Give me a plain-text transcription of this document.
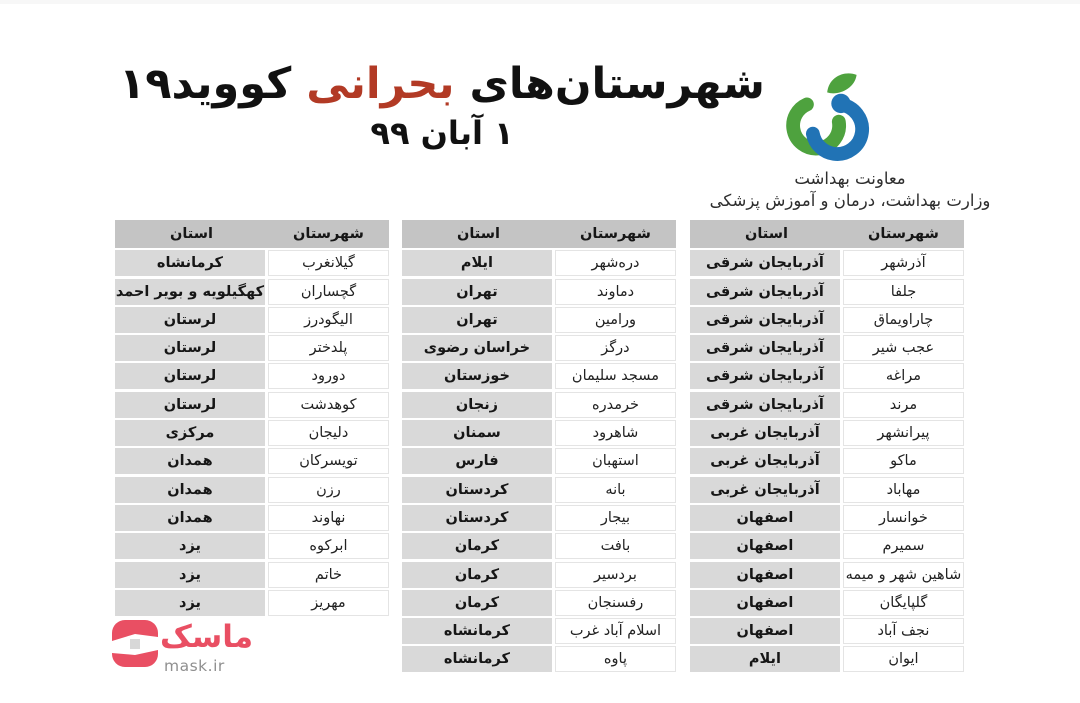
شهرستان‌های بحرانی کووید۱۹
۱ آبان ۹۹
معاونت بهداشت
وزارت بهداشت، درمان و آموزش پزشکی
شهرستان
استان
آذرشهر
آذربایجان شرقی
جلفا
آذربایجان شرقی
چاراویماق
آذربایجان شرقی
عجب شیر
آذربایجان شرقی
مراغه
آذربایجان شرقی
مرند
آذربایجان شرقی
پیرانشهر
آذربایجان غربی
ماکو
آذربایجان غربی
مهاباد
آذربایجان غربی
خوانسار
اصفهان
سمیرم
اصفهان
شاهین شهر و میمه
اصفهان
گلپایگان
اصفهان
نجف آباد
اصفهان
ایوان
ایلام
شهرستان
استان
دره‌شهر
ایلام
دماوند
تهران
ورامین
تهران
درگز
خراسان رضوی
مسجد سلیمان
خوزستان
خرمدره
زنجان
شاهرود
سمنان
استهبان
فارس
بانه
کردستان
بیجار
کردستان
بافت
کرمان
بردسیر
کرمان
رفسنجان
کرمان
اسلام آباد غرب
کرمانشاه
پاوه
کرمانشاه
شهرستان
استان
گیلانغرب
کرمانشاه
گچساران
کهگیلویه و بویر احمد
الیگودرز
لرستان
پلدختر
لرستان
دورود
لرستان
کوهدشت
لرستان
دلیجان
مرکزی
تویسرکان
همدان
رزن
همدان
نهاوند
همدان
ابرکوه
یزد
خاتم
یزد
مهریز
یزد
ماسک
mask.ir
